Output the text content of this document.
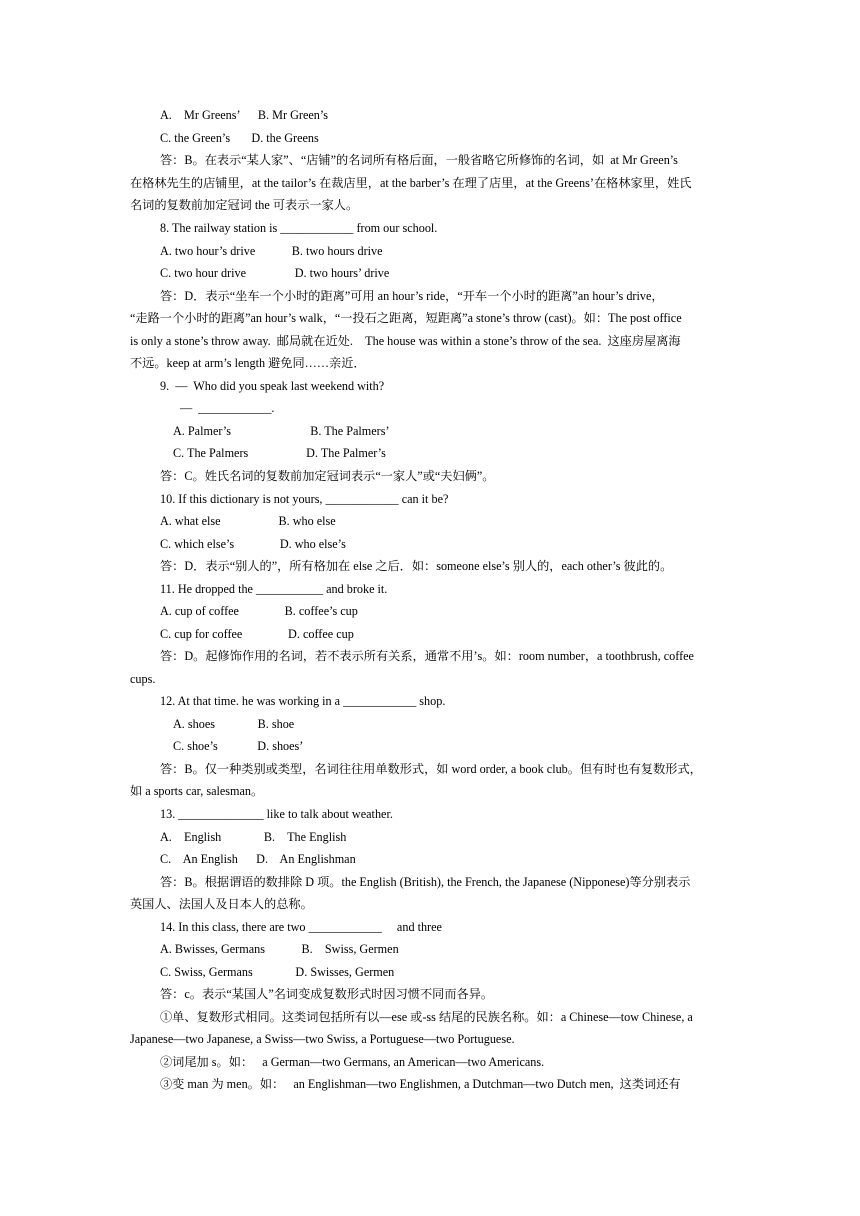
A.    Mr Greens’      B. Mr Green’s
C. the Green’s       D. the Greens
答：B。在表示“某人家”、“店铺”的名词所有格后面，一般省略它所修饰的名词，如  at Mr Green’s
在格林先生的店铺里，at the tailor’s 在裁店里，at the barber’s 在理了店里，at the Greens’在格林家里，姓氏
名词的复数前加定冠词 the 可表示一家人。
8. The railway station is ____________ from our school.
A. two hour’s drive            B. two hours drive
C. two hour drive                D. two hours’ drive
答：D．表示“坐车一个小时的距离”可用 an hour’s ride，“开车一个小时的距离”an hour’s drive，
“走路一个小时的距离”an hour’s walk，“一投石之距离，短距离”a stone’s throw (cast)。如：The post office
is only a stone’s throw away.  邮局就在近处.    The house was within a stone’s throw of the sea.  这座房屋离海
不远。keep at arm’s length 避免同……亲近．
9.  —  Who did you speak last weekend with?
—  ____________.
A. Palmer’s                          B. The Palmers’
C. The Palmers                   D. The Palmer’s
答：C。姓氏名词的复数前加定冠词表示“一家人”或“夫妇俩”。
10. If this dictionary is not yours, ____________ can it be?
A. what else                   B. who else
C. which else’s               D. who else’s
答：D．表示“别人的”，所有格加在 else 之后．如：someone else’s 别人的，each other’s 彼此的。
11. He dropped the ___________ and broke it.
A. cup of coffee               B. coffee’s cup
C. cup for coffee               D. coffee cup
答：D。起修饰作用的名词，若不表示所有关系，通常不用’s。如：room number，a toothbrush, coffee
cups.
12. At that time. he was working in a ____________ shop.
A. shoes              B. shoe
C. shoe’s             D. shoes’
答：B。仅一种类别或类型，名词往往用单数形式，如 word order, a book club。但有时也有复数形式，
如 a sports car, salesman。
13. ______________ like to talk about weather.
A.    English              B.    The English
C.    An English      D.    An Englishman
答：B。根据谓语的数排除 D 项。the English (British), the French, the Japanese (Nipponese)等分别表示
英国人、法国人及日本人的总称。
14. In this class, there are two ____________     and three
A. Bwisses, Germans            B.    Swiss, Germen
C. Swiss, Germans              D. Swisses, Germen
答：c。表示“某国人”名词变成复数形式时因习惯不同而各异。
①单、复数形式相同。这类词包括所有以—ese 或-ss 结尾的民族名称。如：a Chinese—tow Chinese, a
Japanese—two Japanese, a Swiss—two Swiss, a Portuguese—two Portuguese.
②词尾加 s。如：   a German—two Germans, an American—two Americans.
③变 man 为 men。如：   an Englishman—two Englishmen, a Dutchman—two Dutch men,  这类词还有
